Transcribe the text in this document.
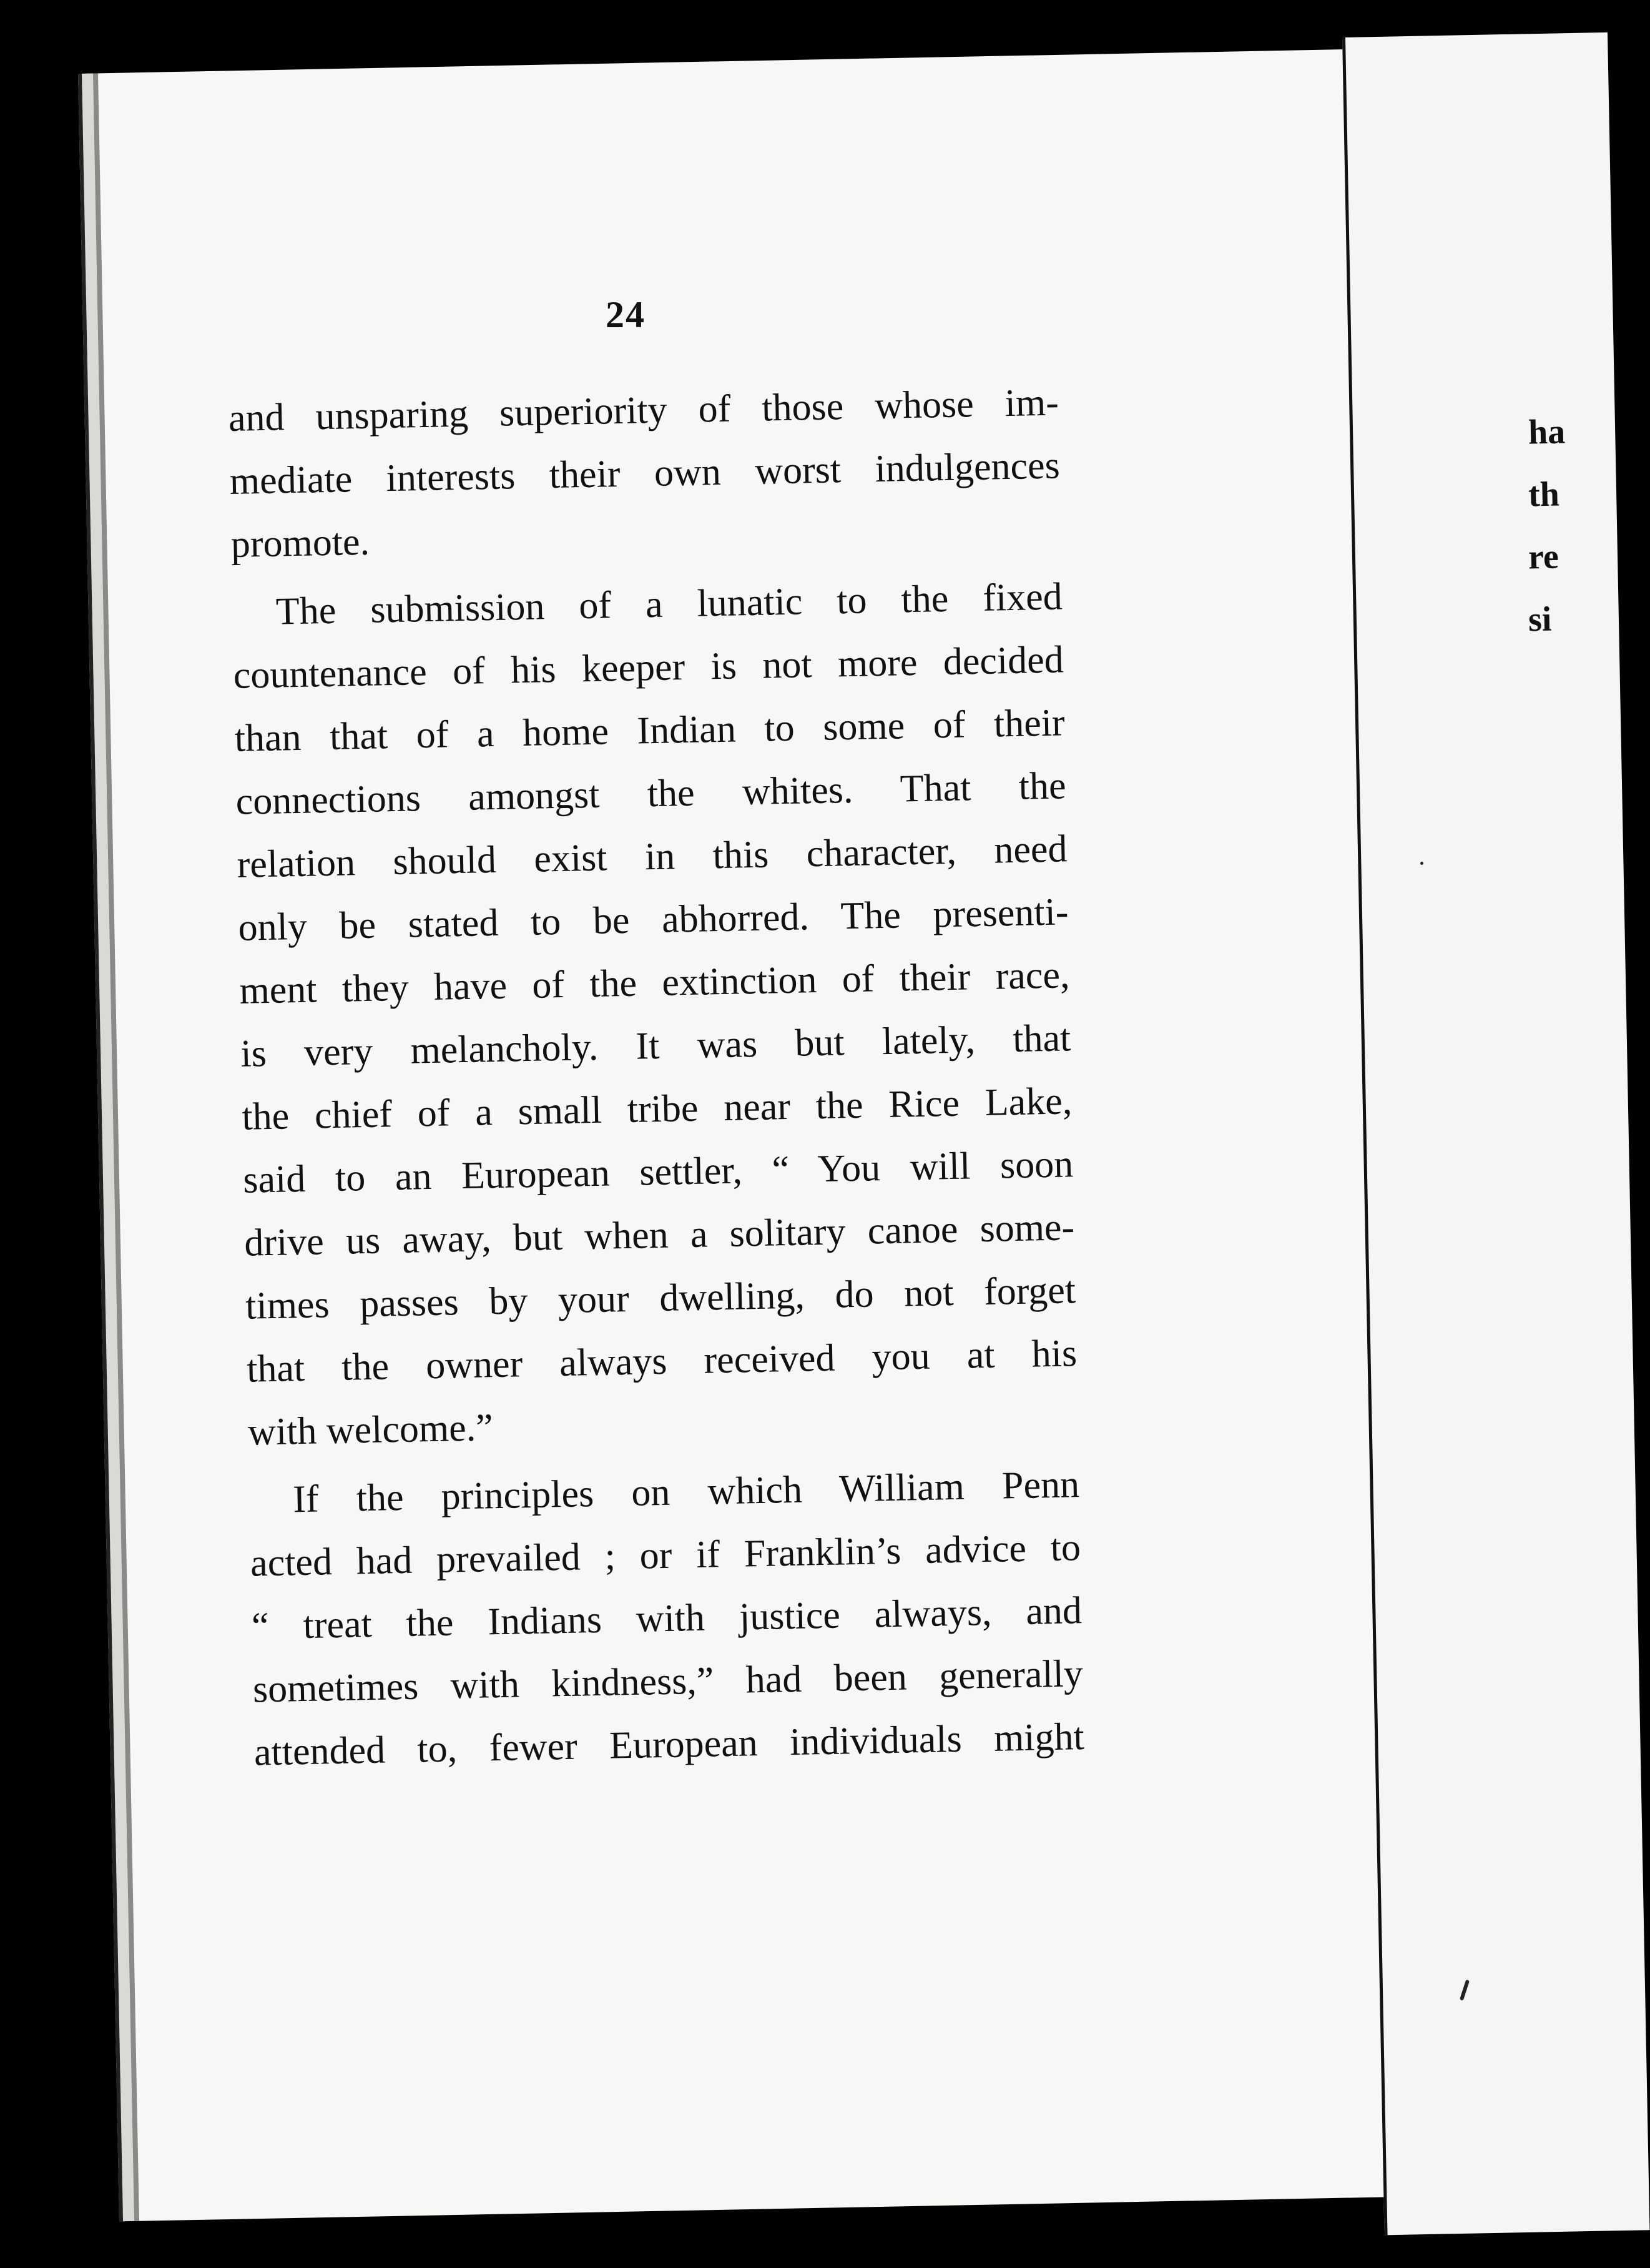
24

and unsparing superiority of those whose im-
mediate interests their own worst indulgences
promote.

The submission of a lunatic to the fixed
countenance of his keeper is not more decided
than that of a home Indian to some of their
connections amongst the whites. That the
relation should exist in this character, need
only be stated to be abhorred. The presenti-
ment they have of the extinction of their race,
is very melancholy. It was but lately, that
the chief of a small tribe near the Rice Lake,
said to an European settler, “ You will soon
drive us away, but when a solitary canoe some-
times passes by your dwelling, do not forget
that the owner always received you at his
with welcome.”

If the principles on which William Penn
acted had prevailed ; or if Franklin’s advice to
“ treat the Indians with justice always, and
sometimes with kindness,” had been generally
attended to, fewer European individuals might

ha
th
re
si
